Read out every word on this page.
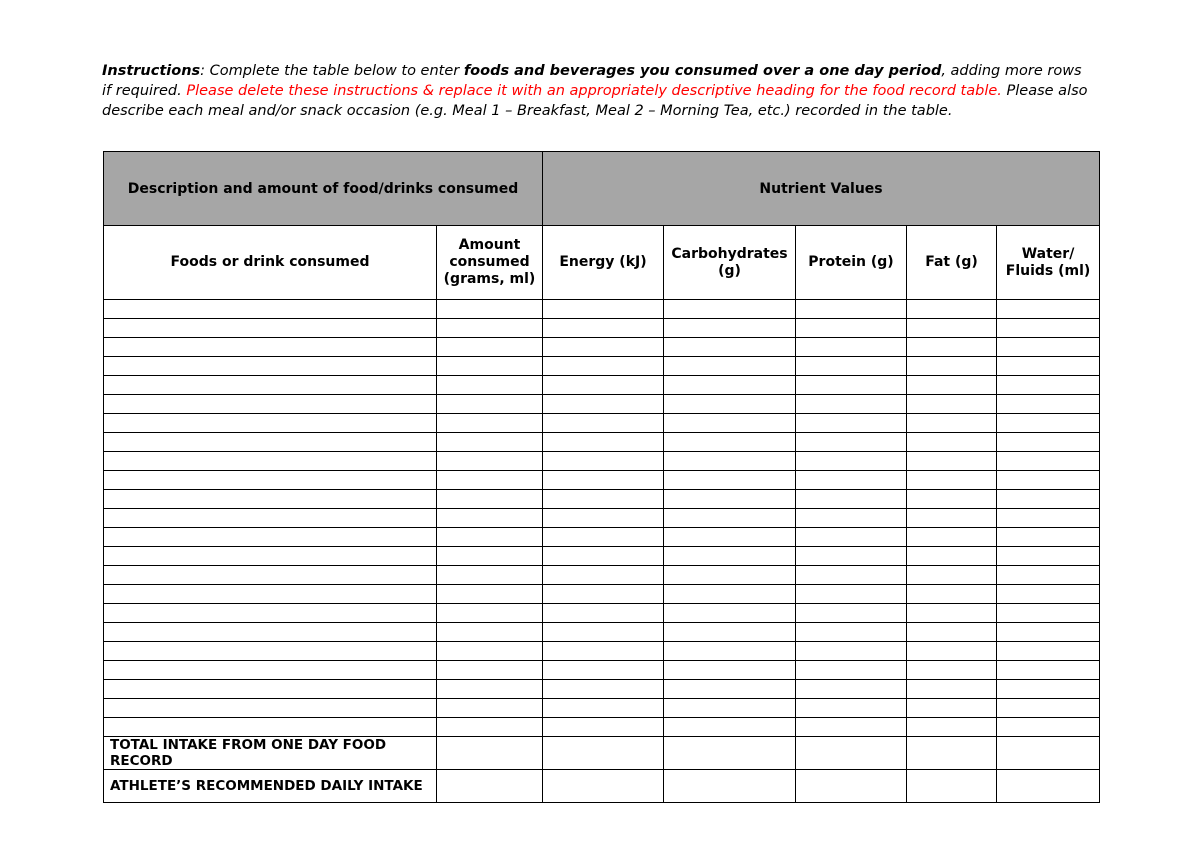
Instructions: Complete the table below to enter foods and beverages you consumed over a one day period, adding more rows if required. Please delete these instructions & replace it with an appropriately descriptive heading for the food record table. Please also describe each meal and/or snack occasion (e.g. Meal 1 – Breakfast, Meal 2 – Morning Tea, etc.) recorded in the table.
Description and amount of food/drinks consumed		Nutrient Values				
Foods or drink consumed	Amount consumed (grams, ml)	Energy (kJ)	Carbohydrates (g)	Protein (g)	Fat (g)	Water/ Fluids (ml)

TOTAL INTAKE FROM ONE DAY FOOD RECORD						
ATHLETE’S RECOMMENDED DAILY INTAKE						
